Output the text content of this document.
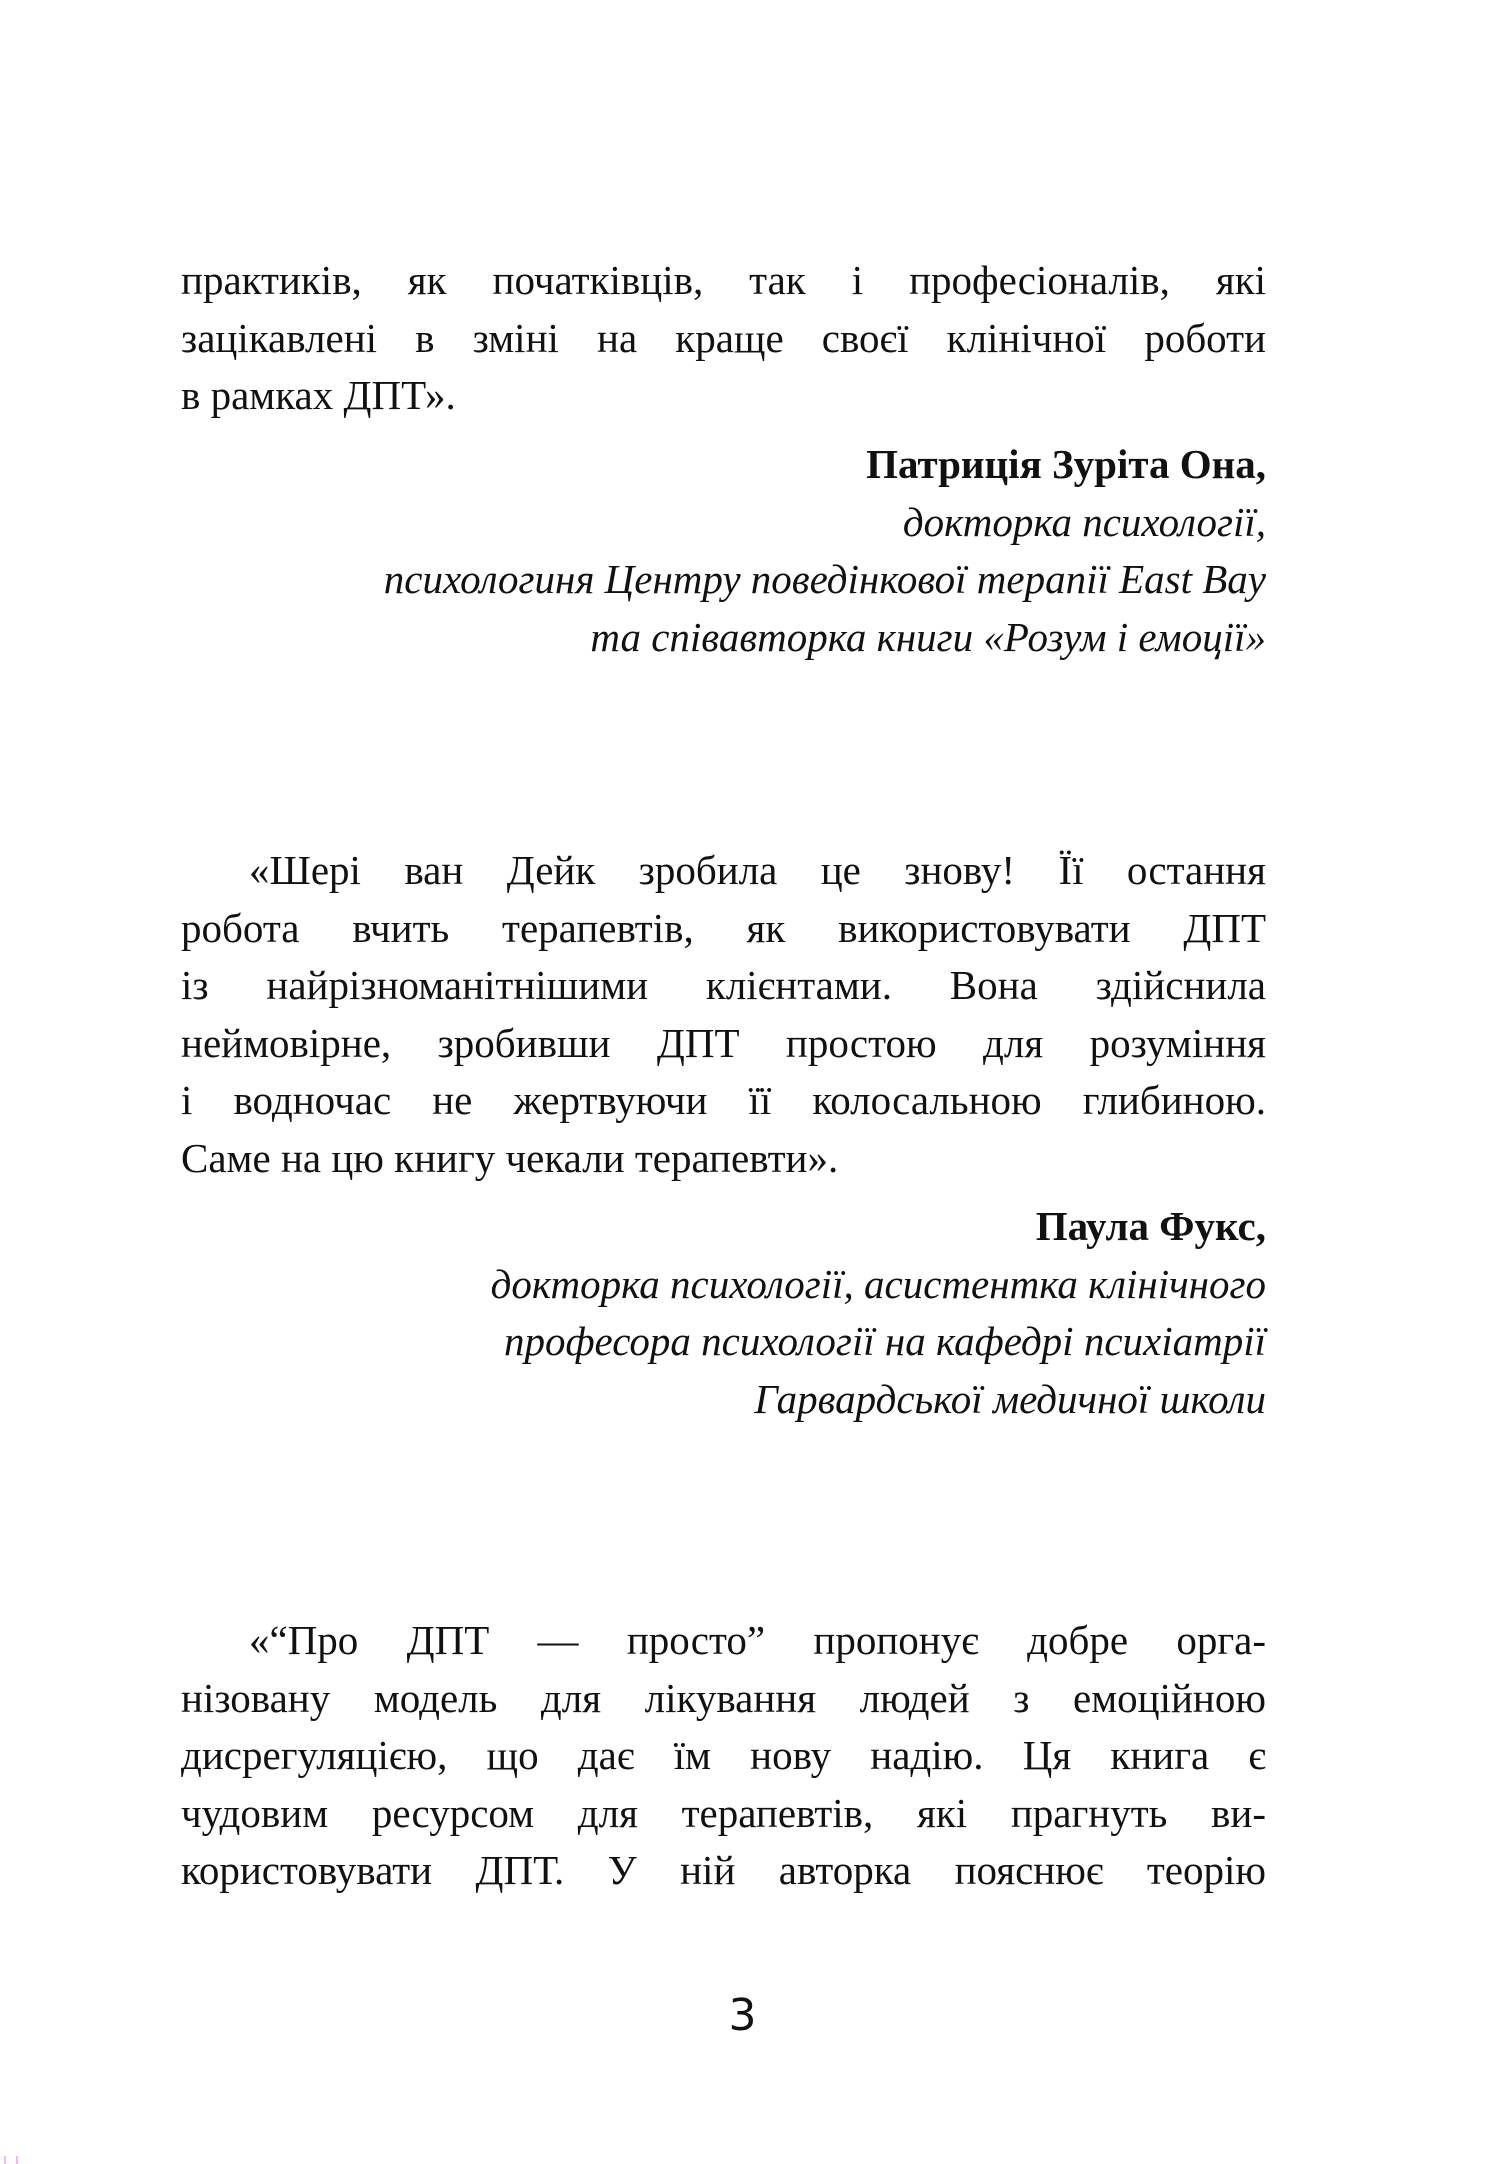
практиків, як початківців, так і професіоналів, які
зацікавлені в зміні на краще своєї клінічної роботи
в рамках ДПТ».

Патриція Зуріта Она,
докторка психології,
психологиня Центру поведінкової терапії East Bay
та співавторка книги «Розум і емоції»

«Шері ван Дейк зробила це знову! Її остання
робота вчить терапевтів, як використовувати ДПТ
із найрізноманітнішими клієнтами. Вона здійснила
неймовірне, зробивши ДПТ простою для розуміння
і водночас не жертвуючи її колосальною глибиною.
Саме на цю книгу чекали терапевти».

Паула Фукс,
докторка психології, асистентка клінічного
професора психології на кафедрі психіатрії
Гарвардської медичної школи

«“Про ДПТ — просто” пропонує добре орга-
нізовану модель для лікування людей з емоційною
дисрегуляцією, що дає їм нову надію. Ця книга є
чудовим ресурсом для терапевтів, які прагнуть ви-
користовувати ДПТ. У ній авторка пояснює теорію

3
